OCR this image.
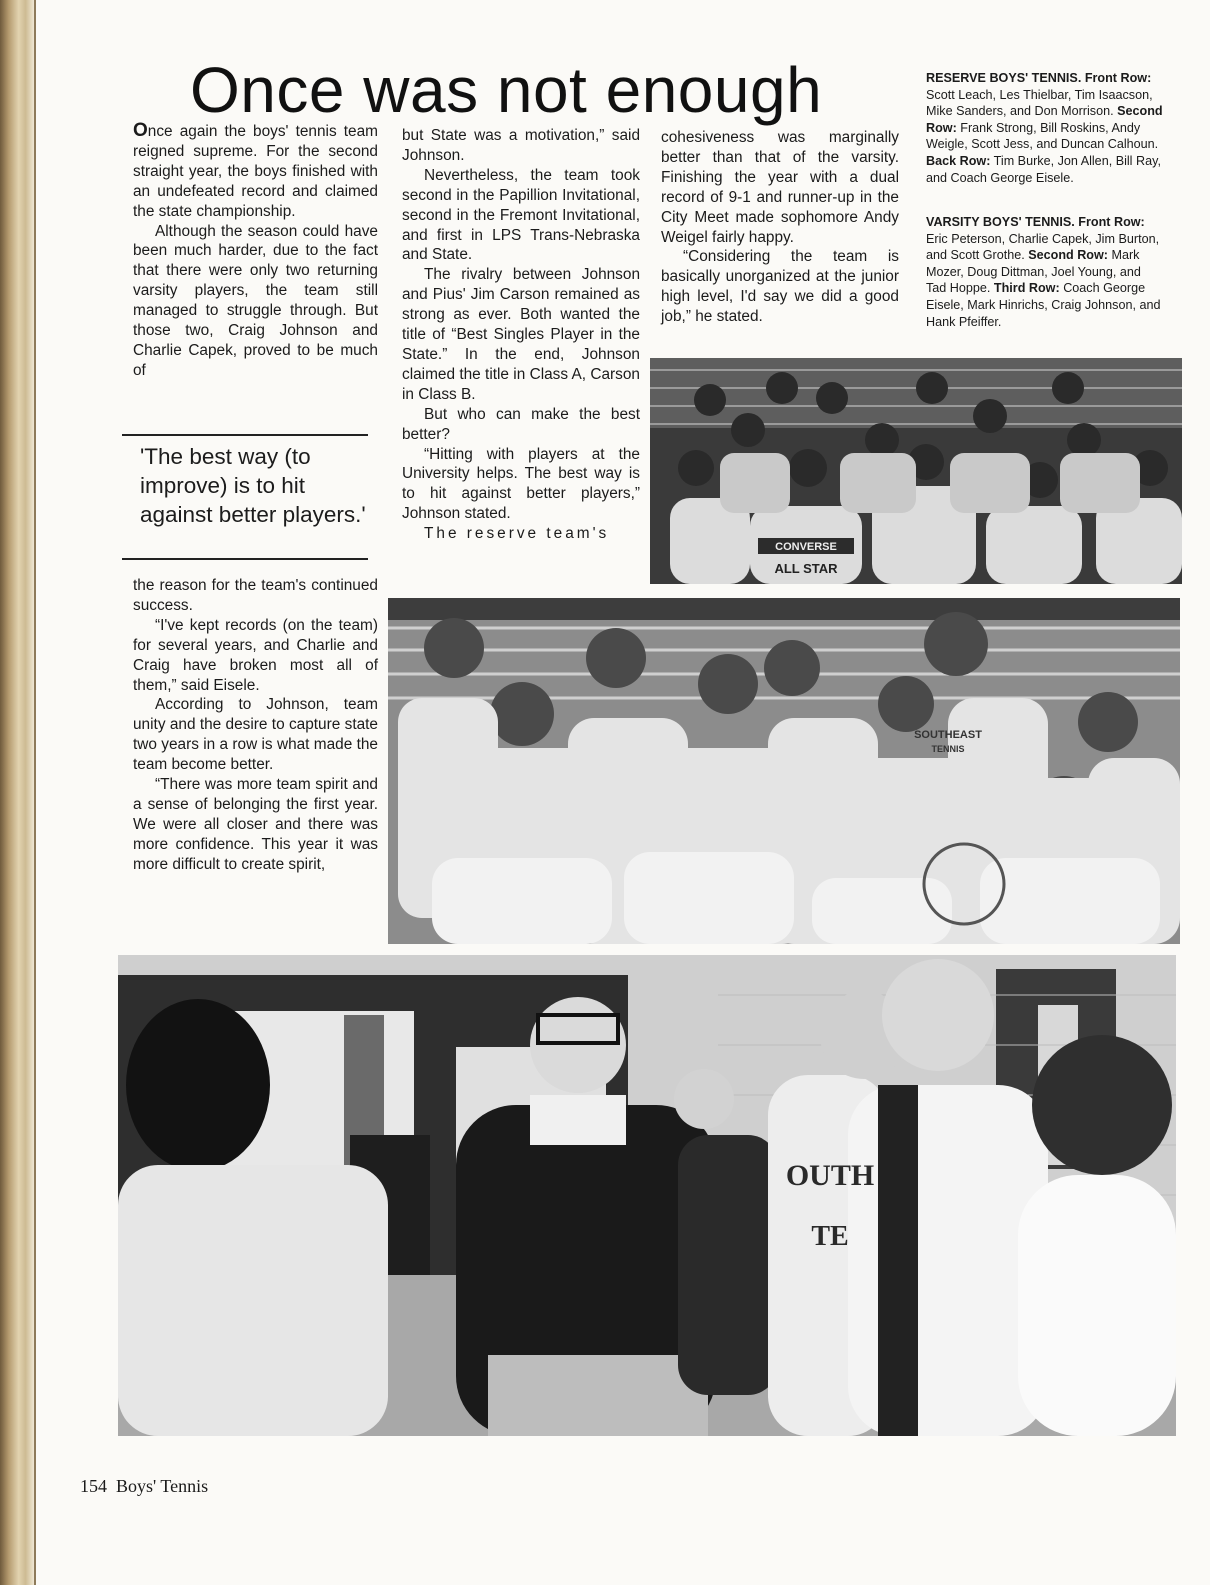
Once was not enough

Once again the boys' tennis team reigned supreme. For the second straight year, the boys finished with an undefeated record and claimed the state championship.

Although the season could have been much harder, due to the fact that there were only two returning varsity players, the team still managed to struggle through. But those two, Craig Johnson and Charlie Capek, proved to be much of

'The best way (to improve) is to hit against better players.'

the reason for the team's continued success.

“I've kept records (on the team) for several years, and Charlie and Craig have broken most all of them,” said Eisele.

According to Johnson, team unity and the desire to capture state two years in a row is what made the team become better.

“There was more team spirit and a sense of belonging the first year. We were all closer and there was more confidence. This year it was more difficult to create spirit,

but State was a motivation,” said Johnson.

Nevertheless, the team took second in the Papillion Invitational, second in the Fremont Invitational, and first in LPS Trans-Nebraska and State.

The rivalry between Johnson and Pius' Jim Carson remained as strong as ever. Both wanted the title of “Best Singles Player in the State.” In the end, Johnson claimed the title in Class A, Carson in Class B.

But who can make the best better?

“Hitting with players at the University helps. The best way is to hit against better players,” Johnson stated.

The reserve team's

cohesiveness was marginally better than that of the varsity. Finishing the year with a dual record of 9-1 and runner-up in the City Meet made sophomore Andy Weigel fairly happy.

“Considering the team is basically unorganized at the junior high level, I'd say we did a good job,” he stated.

RESERVE BOYS' TENNIS. Front Row: Scott Leach, Les Thielbar, Tim Isaacson, Mike Sanders, and Don Morrison. Second Row: Frank Strong, Bill Roskins, Andy Weigle, Scott Jess, and Duncan Calhoun. Back Row: Tim Burke, Jon Allen, Bill Ray, and Coach George Eisele.
VARSITY BOYS' TENNIS. Front Row: Eric Peterson, Charlie Capek, Jim Burton, and Scott Grothe. Second Row: Mark Mozer, Doug Dittman, Joel Young, and Tad Hoppe. Third Row: Coach George Eisele, Mark Hinrichs, Craig Johnson, and Hank Pfeiffer.
CONVERSE
ALL STAR
SOUTHEAST
TENNIS
OUTH
TE
154 Boys' Tennis
